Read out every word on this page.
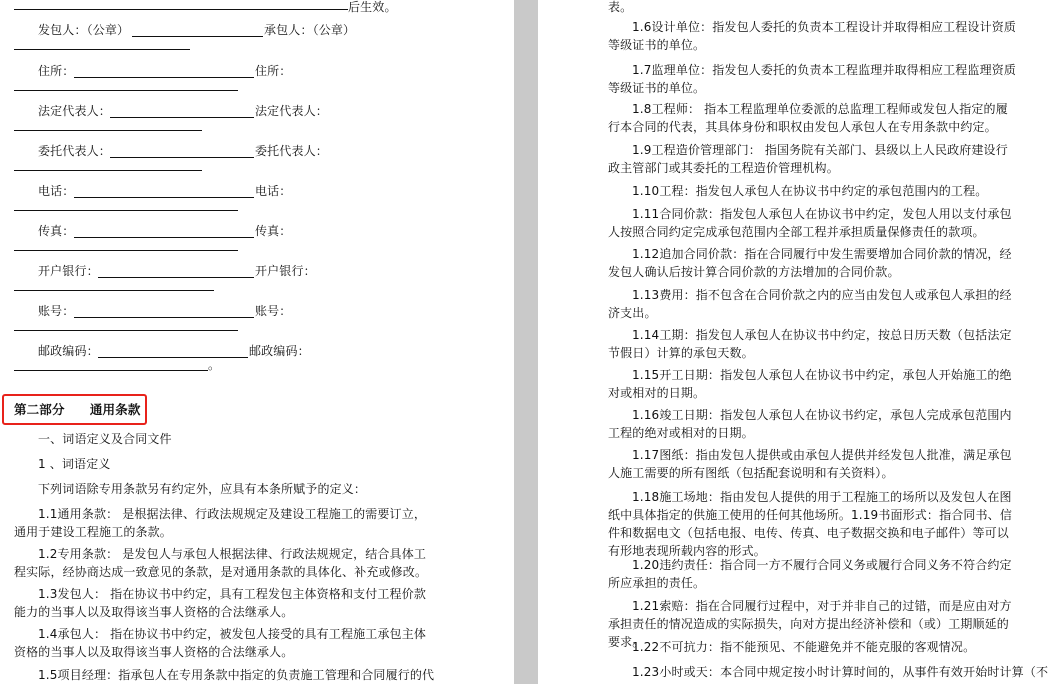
后生效。
发包人：（公章）	承包人：（公章）
住所：	住所：
法定代表人：	法定代表人：
委托代表人：	委托代表人：
电话：	电话：
传真：	传真：
开户银行：	开户银行：
账号：	账号：
邮政编码：	邮政编码：
。
第二部分　　通用条款
一、词语定义及合同文件
1 、词语定义
下列词语除专用条款另有约定外，应具有本条所赋予的定义：
1.1通用条款： 是根据法律、行政法规规定及建设工程施工的需要订立，通用于建设工程施工的条款。
1.2专用条款： 是发包人与承包人根据法律、行政法规规定，结合具体工程实际，经协商达成一致意见的条款，是对通用条款的具体化、补充或修改。
1.3发包人： 指在协议书中约定，具有工程发包主体资格和支付工程价款能力的当事人以及取得该当事人资格的合法继承人。
1.4承包人： 指在协议书中约定，被发包人接受的具有工程施工承包主体资格的当事人以及取得该当事人资格的合法继承人。
1.5项目经理：指承包人在专用条款中指定的负责施工管理和合同履行的代
表。
1.6设计单位：指发包人委托的负责本工程设计并取得相应工程设计资质等级证书的单位。
1.7监理单位：指发包人委托的负责本工程监理并取得相应工程监理资质等级证书的单位。
1.8工程师： 指本工程监理单位委派的总监理工程师或发包人指定的履行本合同的代表，其具体身份和职权由发包人承包人在专用条款中约定。
1.9工程造价管理部门： 指国务院有关部门、县级以上人民政府建设行政主管部门或其委托的工程造价管理机构。
1.10工程：指发包人承包人在协议书中约定的承包范围内的工程。
1.11合同价款：指发包人承包人在协议书中约定，发包人用以支付承包人按照合同约定完成承包范围内全部工程并承担质量保修责任的款项。
1.12追加合同价款：指在合同履行中发生需要增加合同价款的情况，经发包人确认后按计算合同价款的方法增加的合同价款。
1.13费用：指不包含在合同价款之内的应当由发包人或承包人承担的经济支出。
1.14工期：指发包人承包人在协议书中约定，按总日历天数（包括法定节假日）计算的承包天数。
1.15开工日期：指发包人承包人在协议书中约定，承包人开始施工的绝对或相对的日期。
1.16竣工日期：指发包人承包人在协议书约定，承包人完成承包范围内工程的绝对或相对的日期。
1.17图纸：指由发包人提供或由承包人提供并经发包人批准，满足承包人施工需要的所有图纸（包括配套说明和有关资料）。
1.18施工场地：指由发包人提供的用于工程施工的场所以及发包人在图纸中具体指定的供施工使用的任何其他场所。1.19书面形式：指合同书、信件和数据电文（包括电报、电传、传真、电子数据交换和电子邮件）等可以有形地表现所载内容的形式。
1.20违约责任：指合同一方不履行合同义务或履行合同义务不符合约定所应承担的责任。
1.21索赔：指在合同履行过程中，对于并非自己的过错，而是应由对方承担责任的情况造成的实际损失，向对方提出经济补偿和（或）工期顺延的要求。
1.22不可抗力：指不能预见、不能避免并不能克服的客观情况。
1.23小时或天：本合同中规定按小时计算时间的，从事件有效开始时计算（不
